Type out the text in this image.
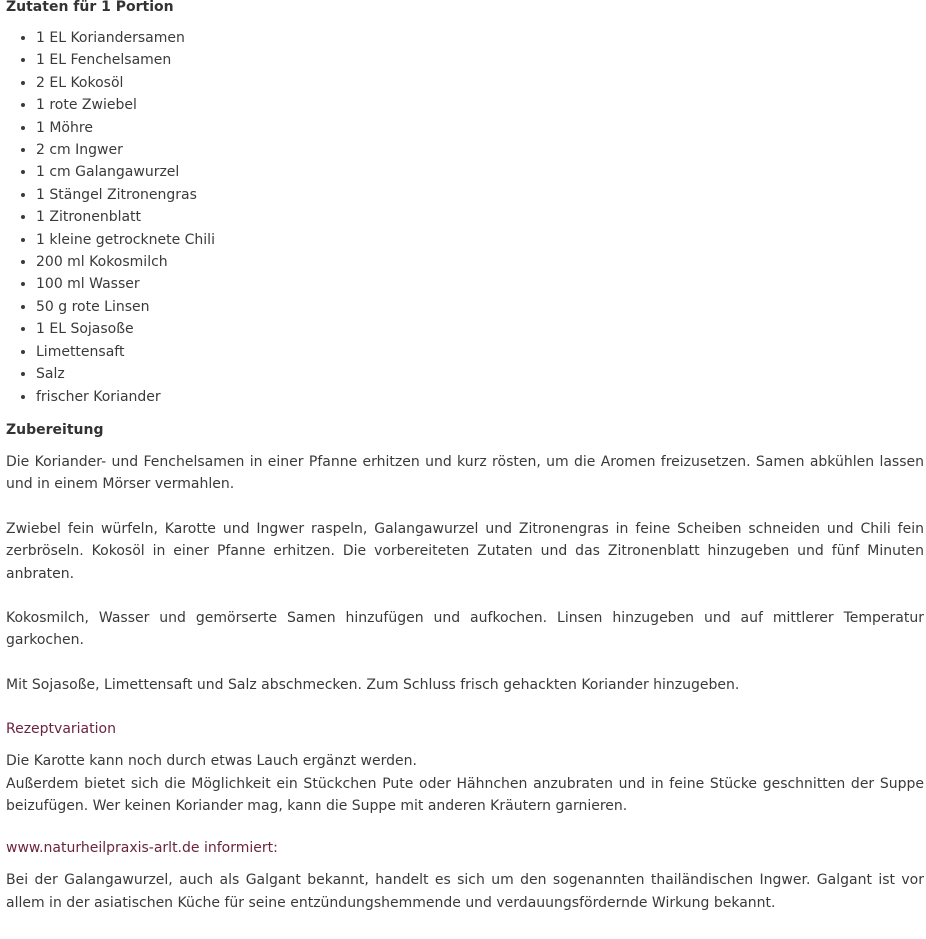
Zutaten für 1 Portion
• 1 EL Koriandersamen
• 1 EL Fenchelsamen
• 2 EL Kokosöl
• 1 rote Zwiebel
• 1 Möhre
• 2 cm Ingwer
• 1 cm Galangawurzel
• 1 Stängel Zitronengras
• 1 Zitronenblatt
• 1 kleine getrocknete Chili
• 200 ml Kokosmilch
• 100 ml Wasser
• 50 g rote Linsen
• 1 EL Sojasoße
• Limettensaft
• Salz
• frischer Koriander
Zubereitung

Die Koriander- und Fenchelsamen in einer Pfanne erhitzen und kurz rösten, um die Aromen freizusetzen. Samen abkühlen lassen und in einem Mörser vermahlen.

Zwiebel fein würfeln, Karotte und Ingwer raspeln, Galangawurzel und Zitronengras in feine Scheiben schneiden und Chili fein zerbröseln. Kokosöl in einer Pfanne erhitzen. Die vorbereiteten Zutaten und das Zitronenblatt hinzugeben und fünf Minuten anbraten.

Kokosmilch, Wasser und gemörserte Samen hinzufügen und aufkochen. Linsen hinzugeben und auf mittlerer Temperatur garkochen.

Mit Sojasoße, Limettensaft und Salz abschmecken. Zum Schluss frisch gehackten Koriander hinzugeben.

Rezeptvariation

Die Karotte kann noch durch etwas Lauch ergänzt werden.
Außerdem bietet sich die Möglichkeit ein Stückchen Pute oder Hähnchen anzubraten und in feine Stücke geschnitten der Suppe beizufügen. Wer keinen Koriander mag, kann die Suppe mit anderen Kräutern garnieren.

www.naturheilpraxis-arlt.de informiert:

Bei der Galangawurzel, auch als Galgant bekannt, handelt es sich um den sogenannten thailändischen Ingwer. Galgant ist vor allem in der asiatischen Küche für seine entzündungshemmende und verdauungsfördernde Wirkung bekannt.
